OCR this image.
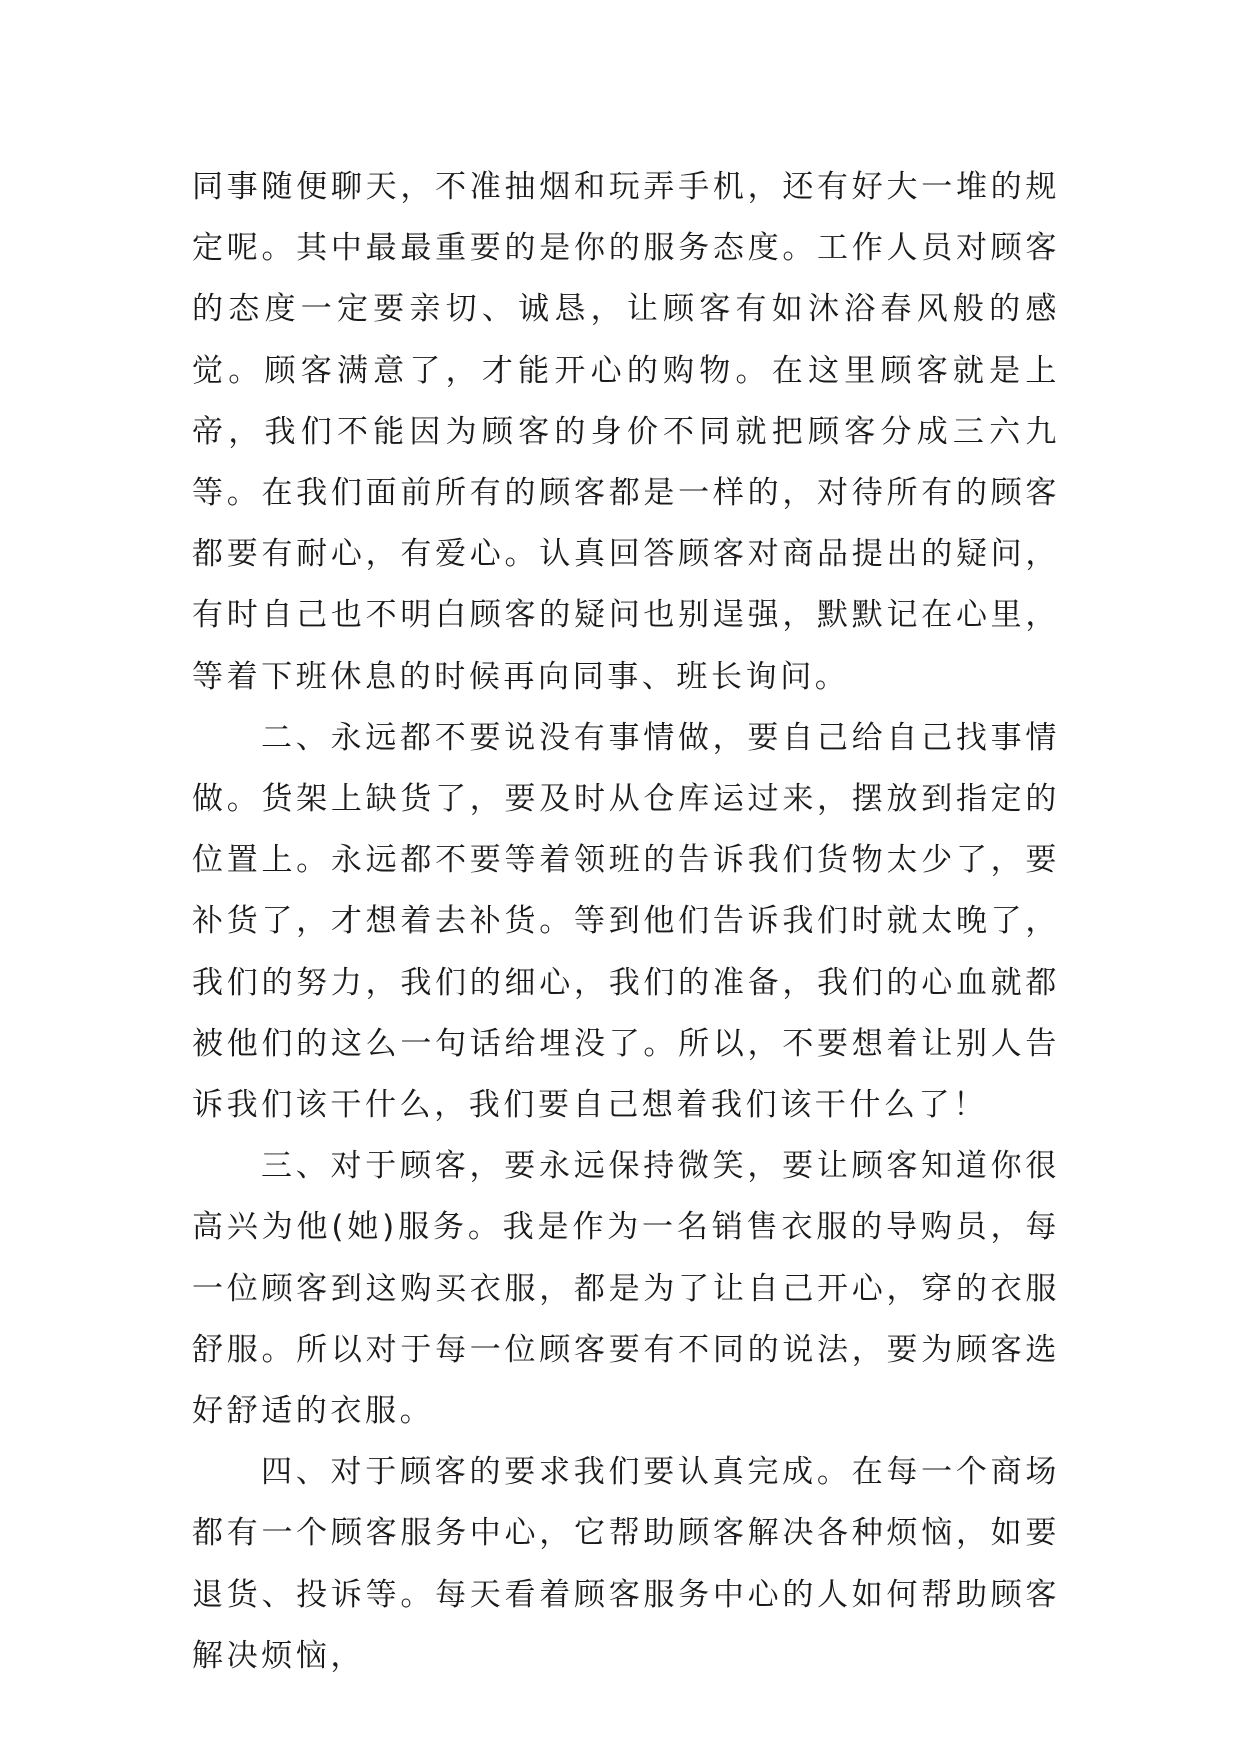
同事随便聊天，不准抽烟和玩弄手机，还有好大一堆的规定呢。其中最最重要的是你的服务态度。工作人员对顾客的态度一定要亲切、诚恳，让顾客有如沐浴春风般的感觉。顾客满意了，才能开心的购物。在这里顾客就是上帝，我们不能因为顾客的身价不同就把顾客分成三六九等。在我们面前所有的顾客都是一样的，对待所有的顾客都要有耐心，有爱心。认真回答顾客对商品提出的疑问，有时自己也不明白顾客的疑问也别逞强，默默记在心里，等着下班休息的时候再向同事、班长询问。

二、永远都不要说没有事情做，要自己给自己找事情做。货架上缺货了，要及时从仓库运过来，摆放到指定的位置上。永远都不要等着领班的告诉我们货物太少了，要补货了，才想着去补货。等到他们告诉我们时就太晚了，我们的努力，我们的细心，我们的准备，我们的心血就都被他们的这么一句话给埋没了。所以，不要想着让别人告诉我们该干什么，我们要自己想着我们该干什么了！

三、对于顾客，要永远保持微笑，要让顾客知道你很高兴为他(她)服务。我是作为一名销售衣服的导购员，每一位顾客到这购买衣服，都是为了让自己开心，穿的衣服舒服。所以对于每一位顾客要有不同的说法，要为顾客选好舒适的衣服。

四、对于顾客的要求我们要认真完成。在每一个商场都有一个顾客服务中心，它帮助顾客解决各种烦恼，如要退货、投诉等。每天看着顾客服务中心的人如何帮助顾客解决烦恼，
